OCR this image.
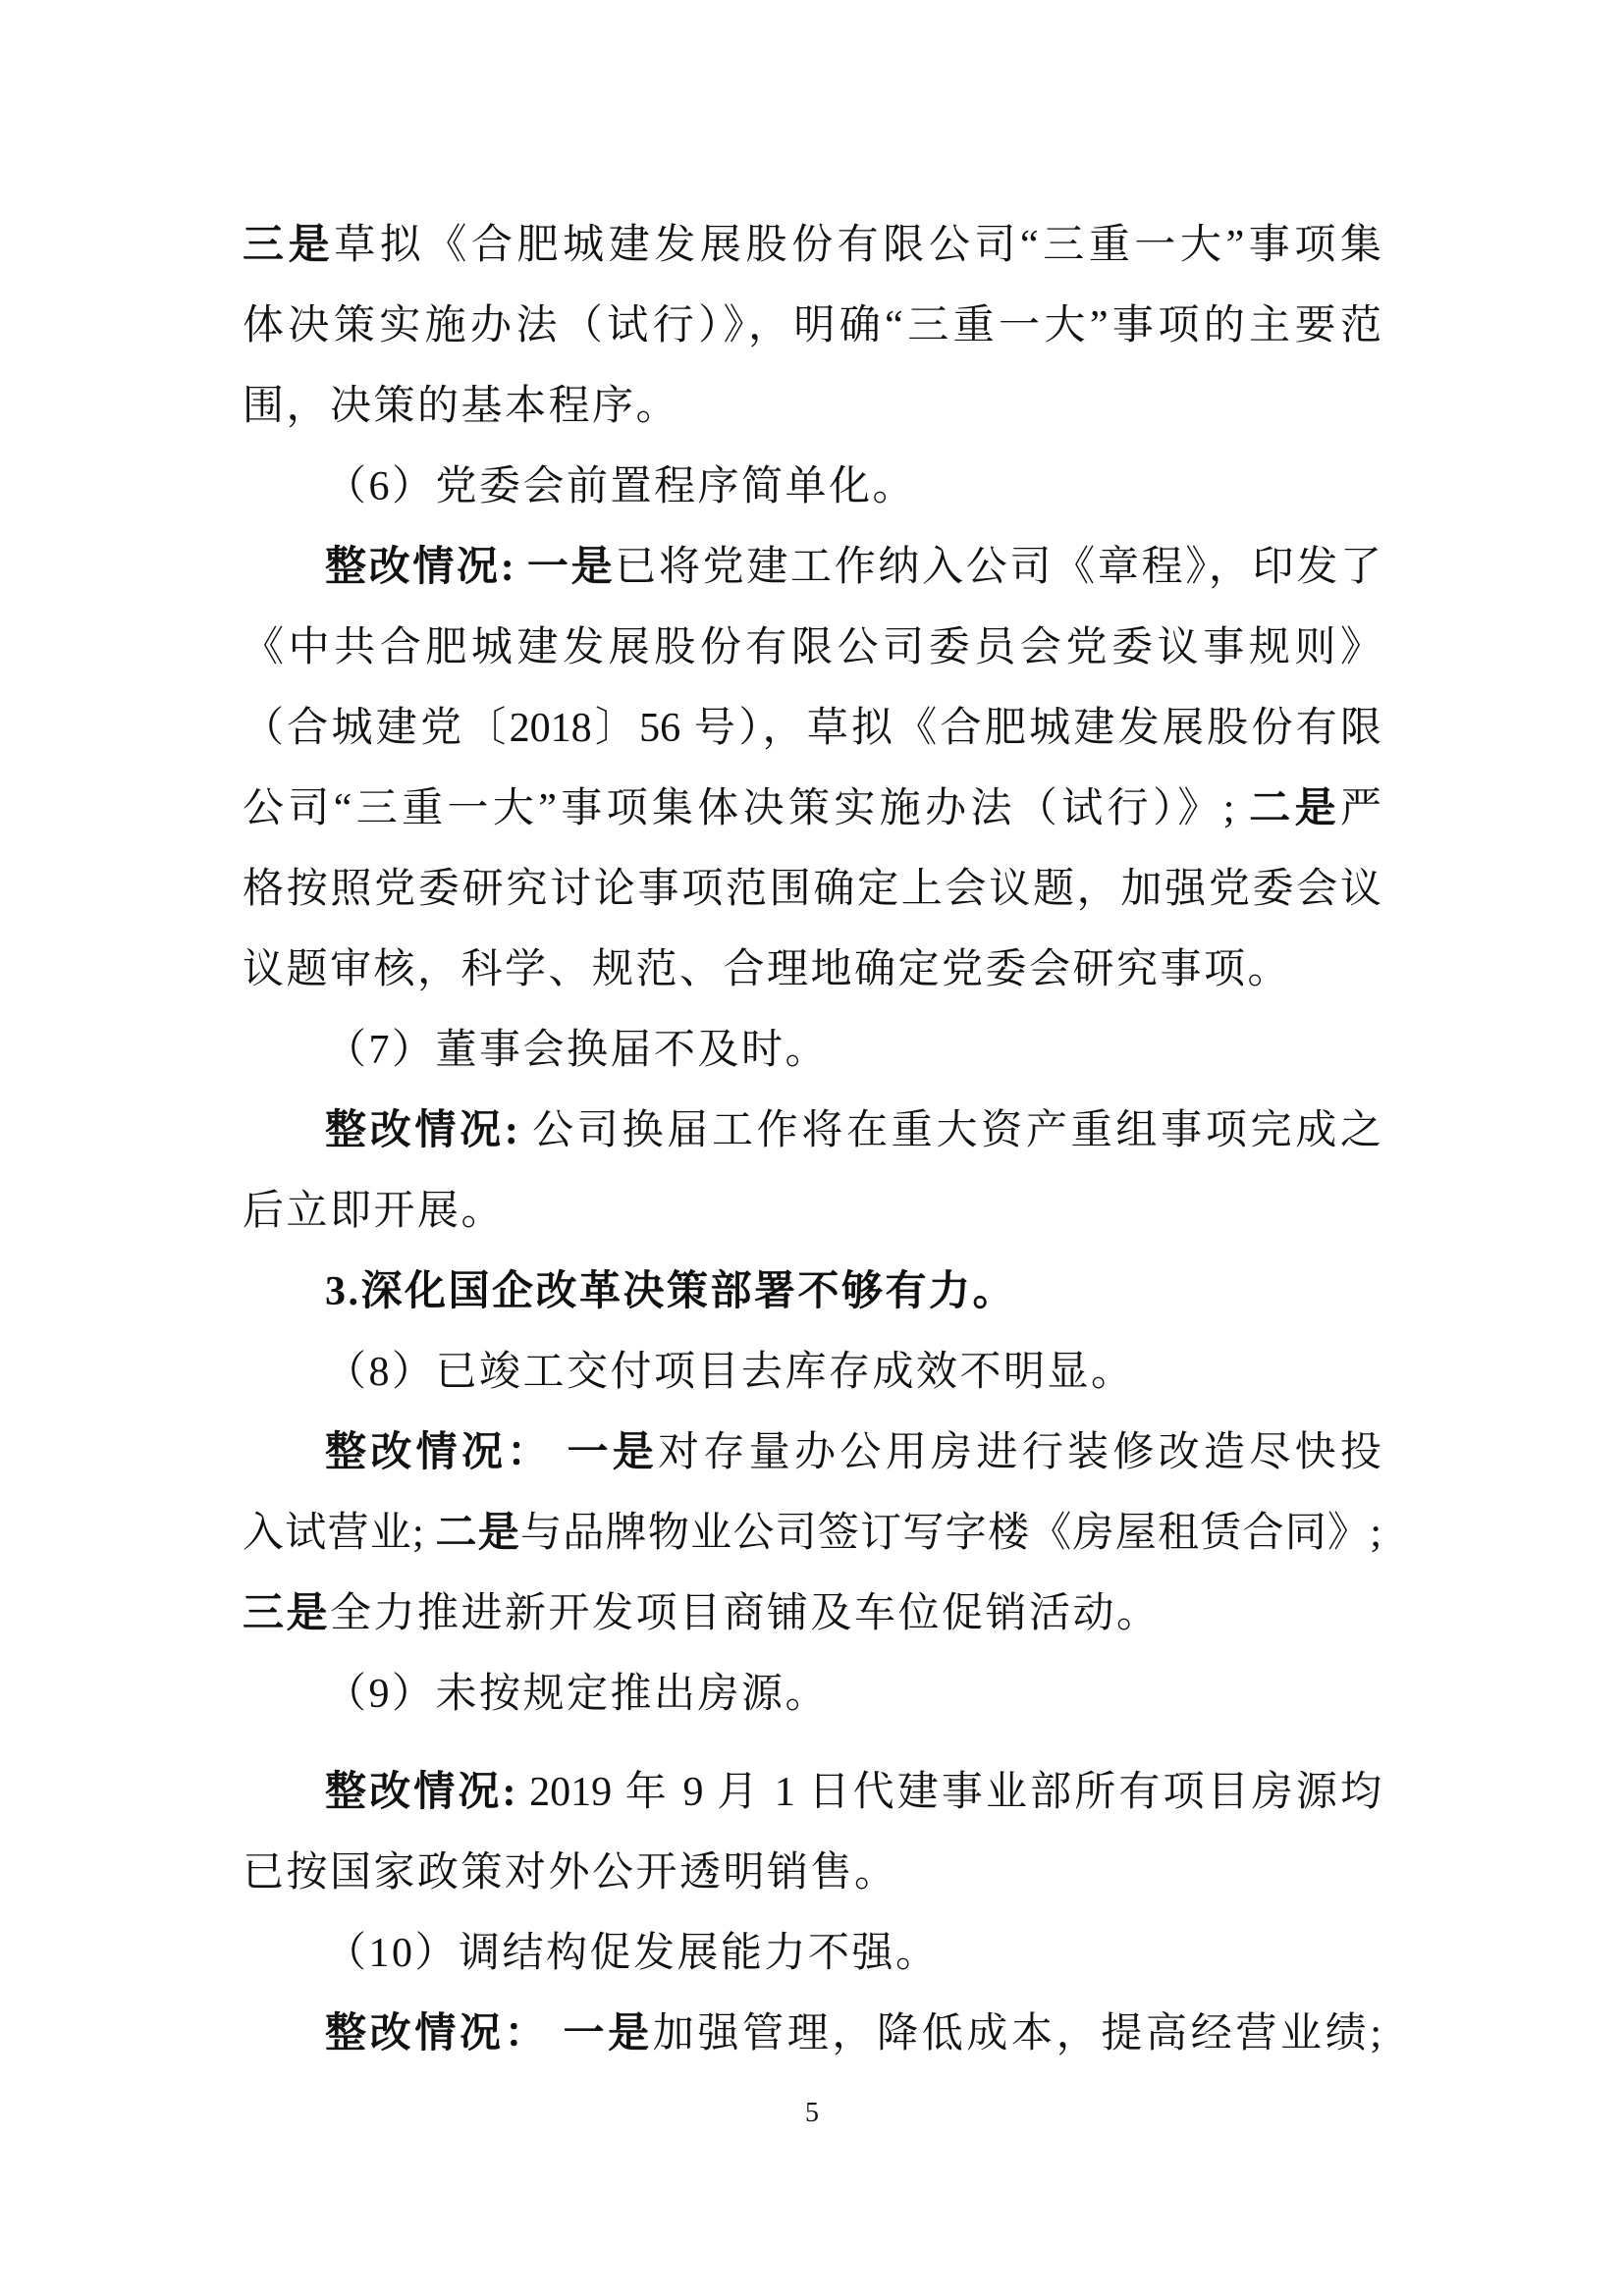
三是草拟《合肥城建发展股份有限公司“三重一大”事项集
体决策实施办法（试行）》，明确“三重一大”事项的主要范
围，决策的基本程序。
（6）党委会前置程序简单化。
整改情况: 一是已将党建工作纳入公司《章程》，印发了
《中共合肥城建发展股份有限公司委员会党委议事规则》
（合城建党〔2018〕56 号），草拟《合肥城建发展股份有限
公司“三重一大”事项集体决策实施办法（试行）》; 二是严
格按照党委研究讨论事项范围确定上会议题，加强党委会议
议题审核，科学、规范、合理地确定党委会研究事项。
（7）董事会换届不及时。
整改情况: 公司换届工作将在重大资产重组事项完成之
后立即开展。
3.深化国企改革决策部署不够有力。
（8）已竣工交付项目去库存成效不明显。
整改情况： 一是对存量办公用房进行装修改造尽快投
入试营业; 二是与品牌物业公司签订写字楼《房屋租赁合同》;
三是全力推进新开发项目商铺及车位促销活动。
（9）未按规定推出房源。
整改情况: 2019 年 9 月 1 日代建事业部所有项目房源均
已按国家政策对外公开透明销售。
（10）调结构促发展能力不强。
整改情况： 一是加强管理，降低成本，提高经营业绩;
5
